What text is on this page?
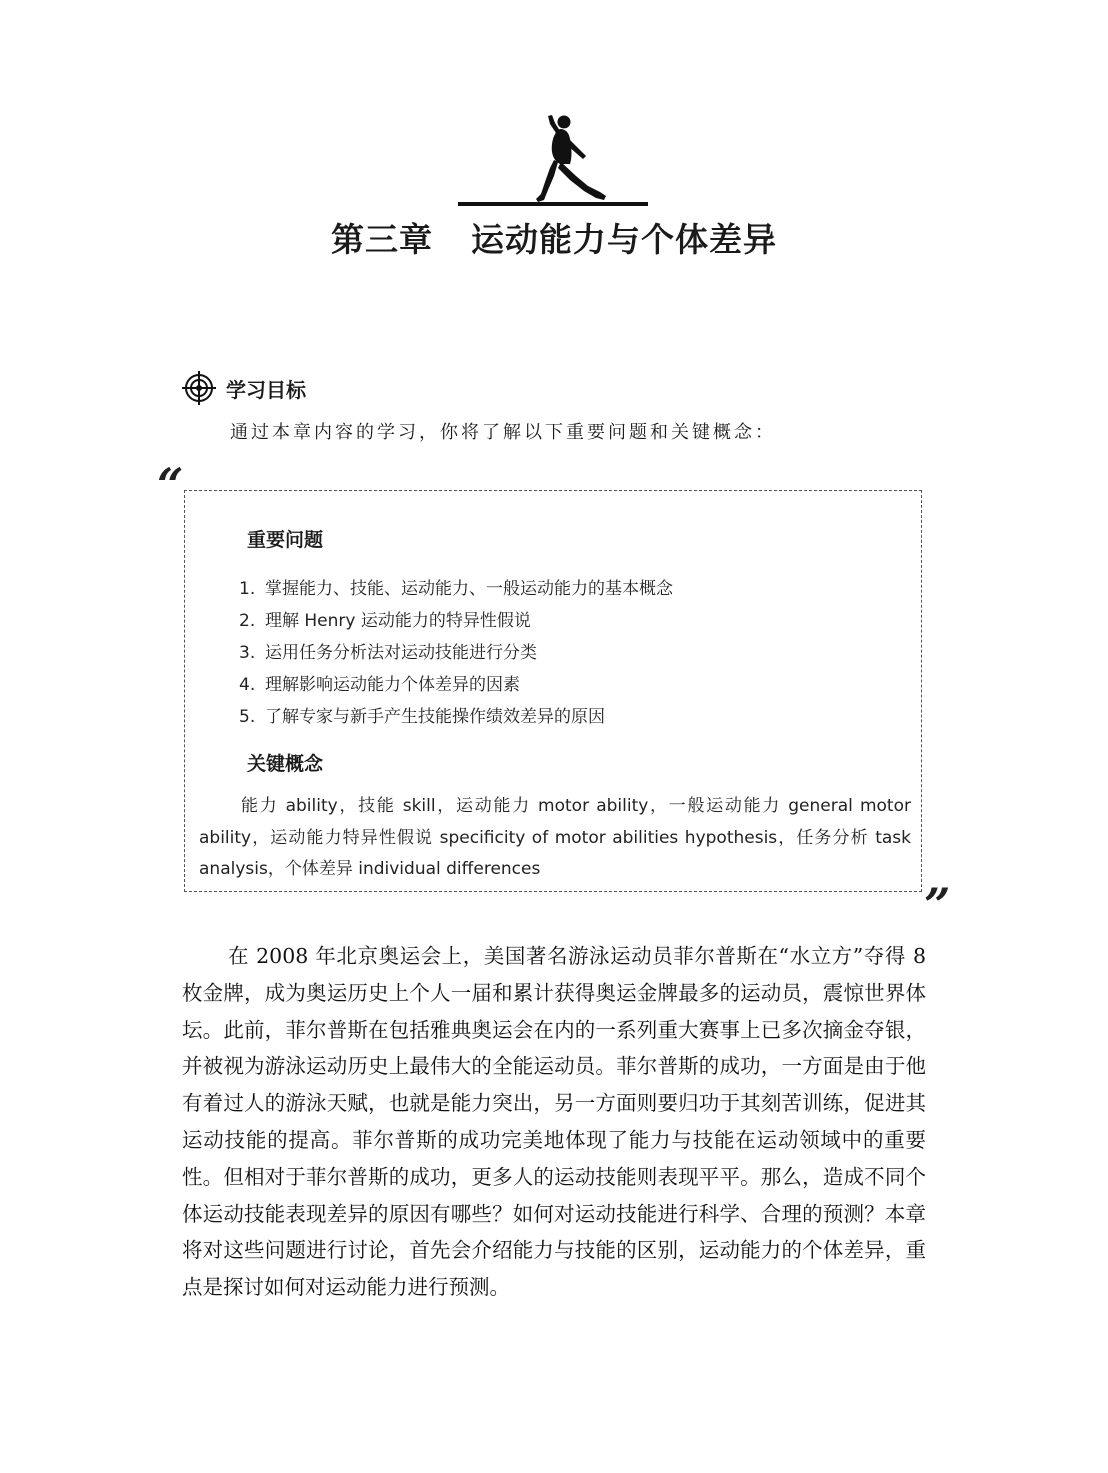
第三章 运动能力与个体差异
学习目标
通过本章内容的学习，你将了解以下重要问题和关键概念：
“
重要问题
1. 掌握能力、技能、运动能力、一般运动能力的基本概念
2. 理解 Henry 运动能力的特异性假说
3. 运用任务分析法对运动技能进行分类
4. 理解影响运动能力个体差异的因素
5. 了解专家与新手产生技能操作绩效差异的原因
关键概念
能力 ability，技能 skill，运动能力 motor ability，一般运动能力 general motor ability，运动能力特异性假说 specificity of motor abilities hypothesis，任务分析 task analysis，个体差异 individual differences
”
在 2008 年北京奥运会上，美国著名游泳运动员菲尔普斯在“水立方”夺得 8 枚金牌，成为奥运历史上个人一届和累计获得奥运金牌最多的运动员，震惊世界体坛。此前，菲尔普斯在包括雅典奥运会在内的一系列重大赛事上已多次摘金夺银，并被视为游泳运动历史上最伟大的全能运动员。菲尔普斯的成功，一方面是由于他有着过人的游泳天赋，也就是能力突出，另一方面则要归功于其刻苦训练，促进其运动技能的提高。菲尔普斯的成功完美地体现了能力与技能在运动领域中的重要性。但相对于菲尔普斯的成功，更多人的运动技能则表现平平。那么，造成不同个体运动技能表现差异的原因有哪些？如何对运动技能进行科学、合理的预测？本章将对这些问题进行讨论，首先会介绍能力与技能的区别，运动能力的个体差异，重点是探讨如何对运动能力进行预测。
